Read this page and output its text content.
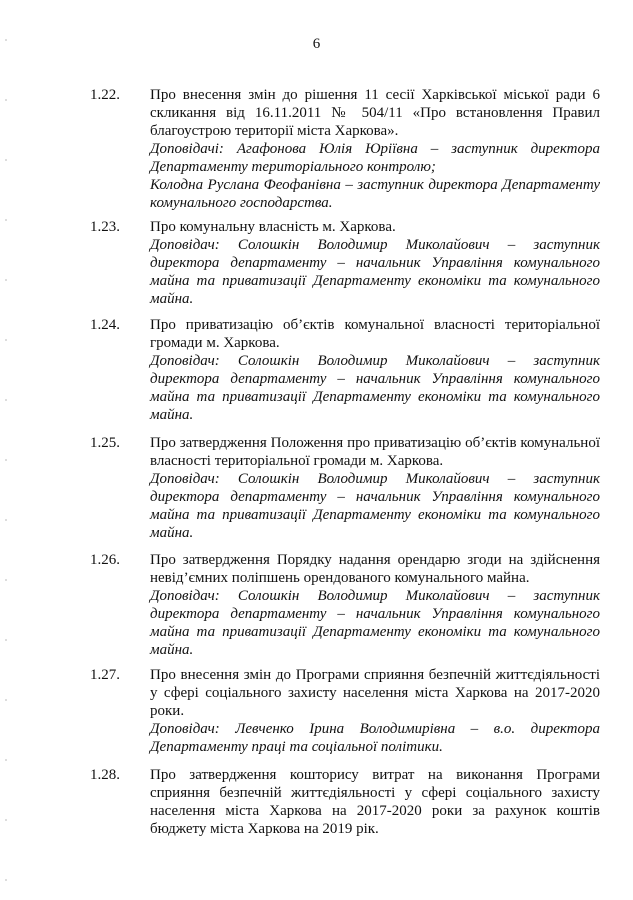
6
1.22.	Про внесення змін до рішення 11 сесії Харківської міської ради 6 скликання від 16.11.2011 № 504/11 «Про встановлення Правил благоустрою території міста Харкова».
Доповідачі: Агафонова Юлія Юріївна – заступник директора Департаменту територіального контролю;
Колодна Руслана Феофанівна – заступник директора Департаменту комунального господарства.
1.23.	Про комунальну власність м. Харкова.
Доповідач: Солошкін Володимир Миколайович – заступник директора департаменту – начальник Управління комунального майна та приватизації Департаменту економіки та комунального майна.
1.24.	Про приватизацію об’єктів комунальної власності територіальної громади м. Харкова.
Доповідач: Солошкін Володимир Миколайович – заступник директора департаменту – начальник Управління комунального майна та приватизації Департаменту економіки та комунального майна.
1.25.	Про затвердження Положення про приватизацію об’єктів комунальної власності територіальної громади м. Харкова.
Доповідач: Солошкін Володимир Миколайович – заступник директора департаменту – начальник Управління комунального майна та приватизації Департаменту економіки та комунального майна.
1.26.	Про затвердження Порядку надання орендарю згоди на здійснення невід’ємних поліпшень орендованого комунального майна.
Доповідач: Солошкін Володимир Миколайович – заступник директора департаменту – начальник Управління комунального майна та приватизації Департаменту економіки та комунального майна.
1.27.	Про внесення змін до Програми сприяння безпечній життєдіяльності у сфері соціального захисту населення міста Харкова на 2017-2020 роки.
Доповідач: Левченко Ірина Володимирівна – в.о. директора Департаменту праці та соціальної політики.
1.28.	Про затвердження кошторису витрат на виконання Програми сприяння безпечній життєдіяльності у сфері соціального захисту населення міста Харкова на 2017-2020 роки за рахунок коштів бюджету міста Харкова на 2019 рік.
